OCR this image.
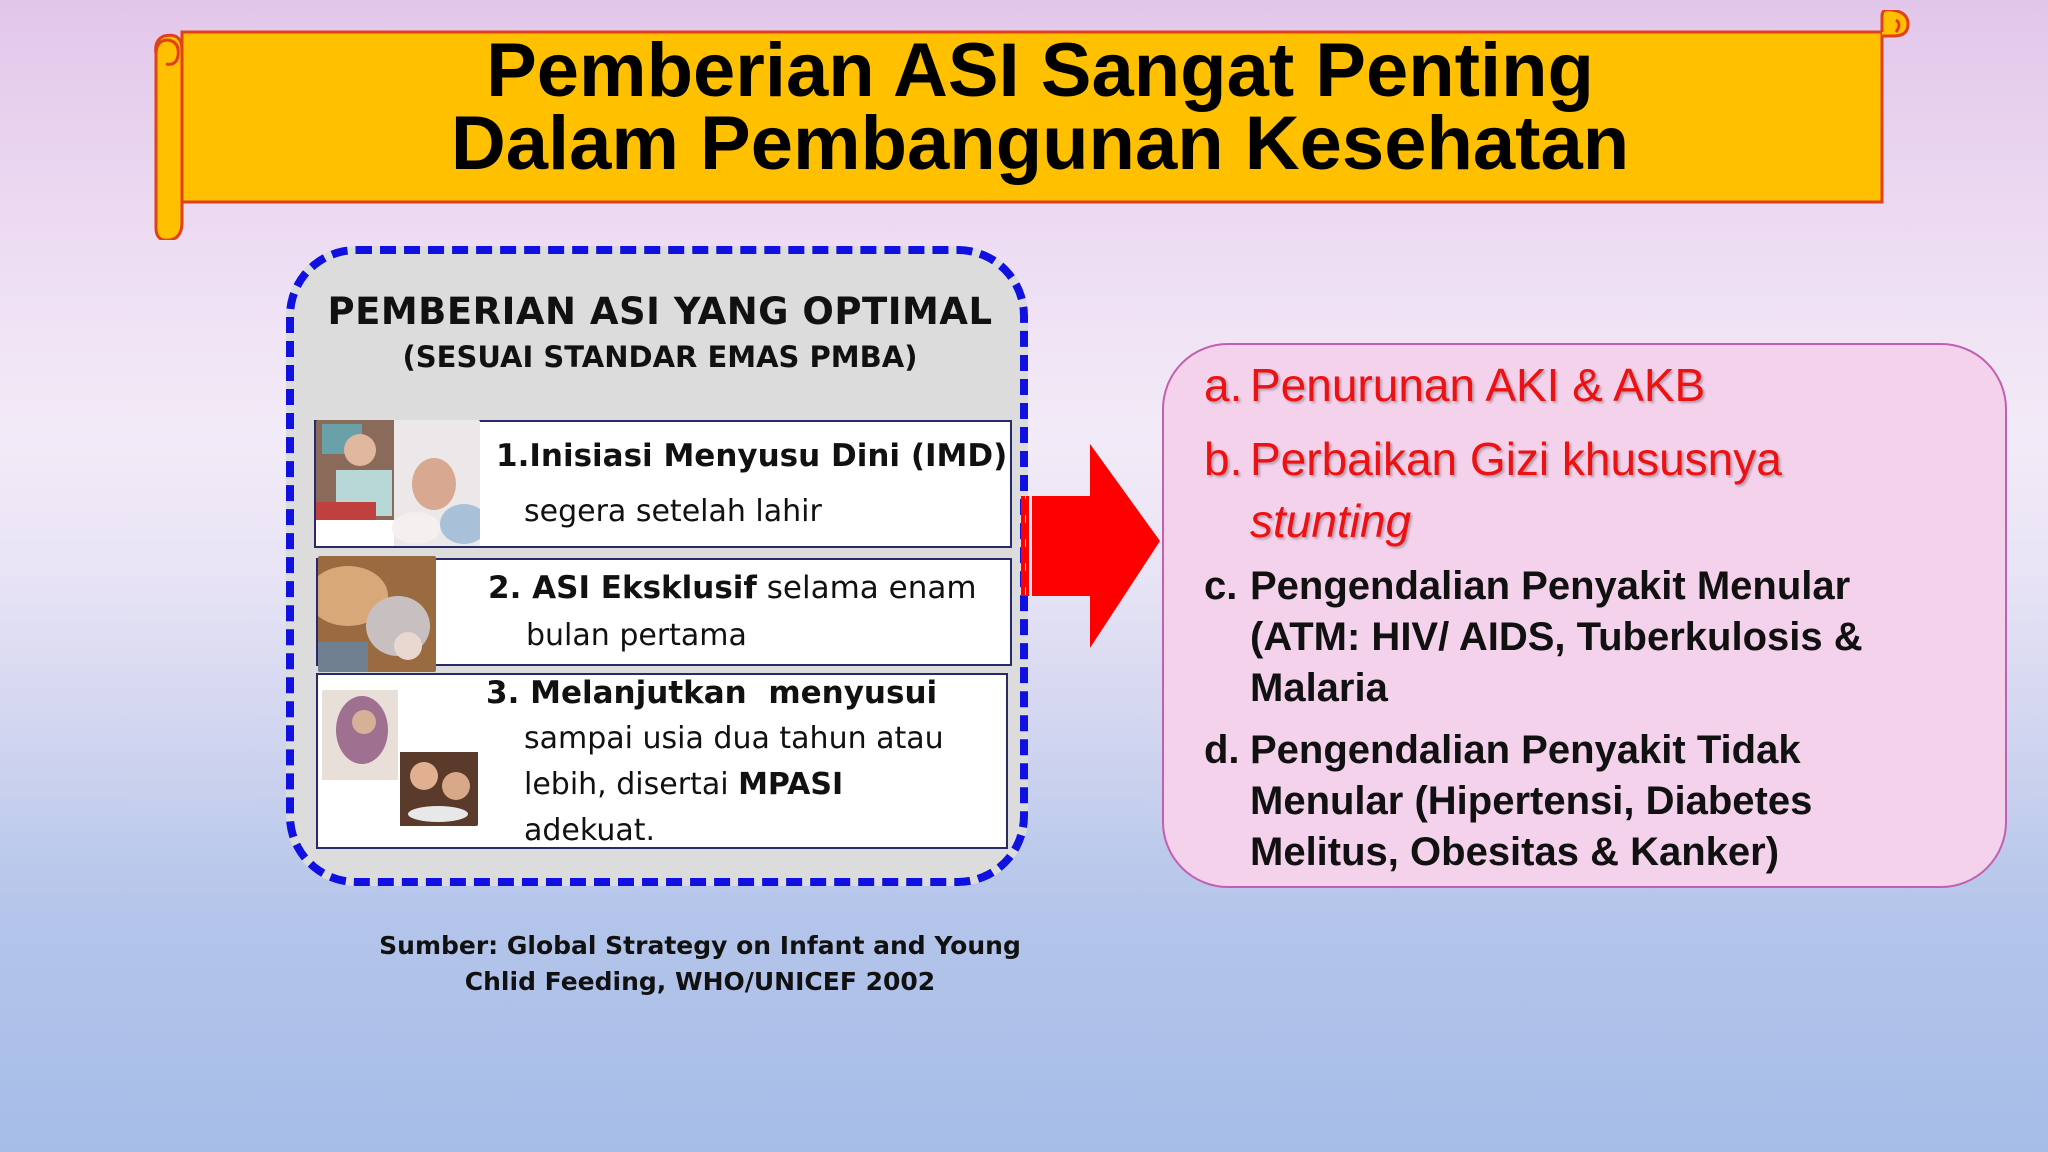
Pemberian ASI Sangat Penting
Dalam Pembangunan Kesehatan
PEMBERIAN ASI YANG OPTIMAL
(SESUAI STANDAR EMAS PMBA)
1.Inisiasi Menyusu Dini (IMD)
segera setelah lahir
2. ASI Eksklusif selama enam
bulan pertama
3. Melanjutkan  menyusui
sampai usia dua tahun atau
lebih, disertai MPASI
adekuat.
Sumber: Global Strategy on Infant and Young
Chlid Feeding, WHO/UNICEF 2002
a. Penurunan AKI & AKB
b. Perbaikan Gizi khususnya
stunting
c. Pengendalian Penyakit Menular
(ATM: HIV/ AIDS, Tuberkulosis &
Malaria
d. Pengendalian Penyakit Tidak
Menular (Hipertensi, Diabetes
Melitus, Obesitas & Kanker)
